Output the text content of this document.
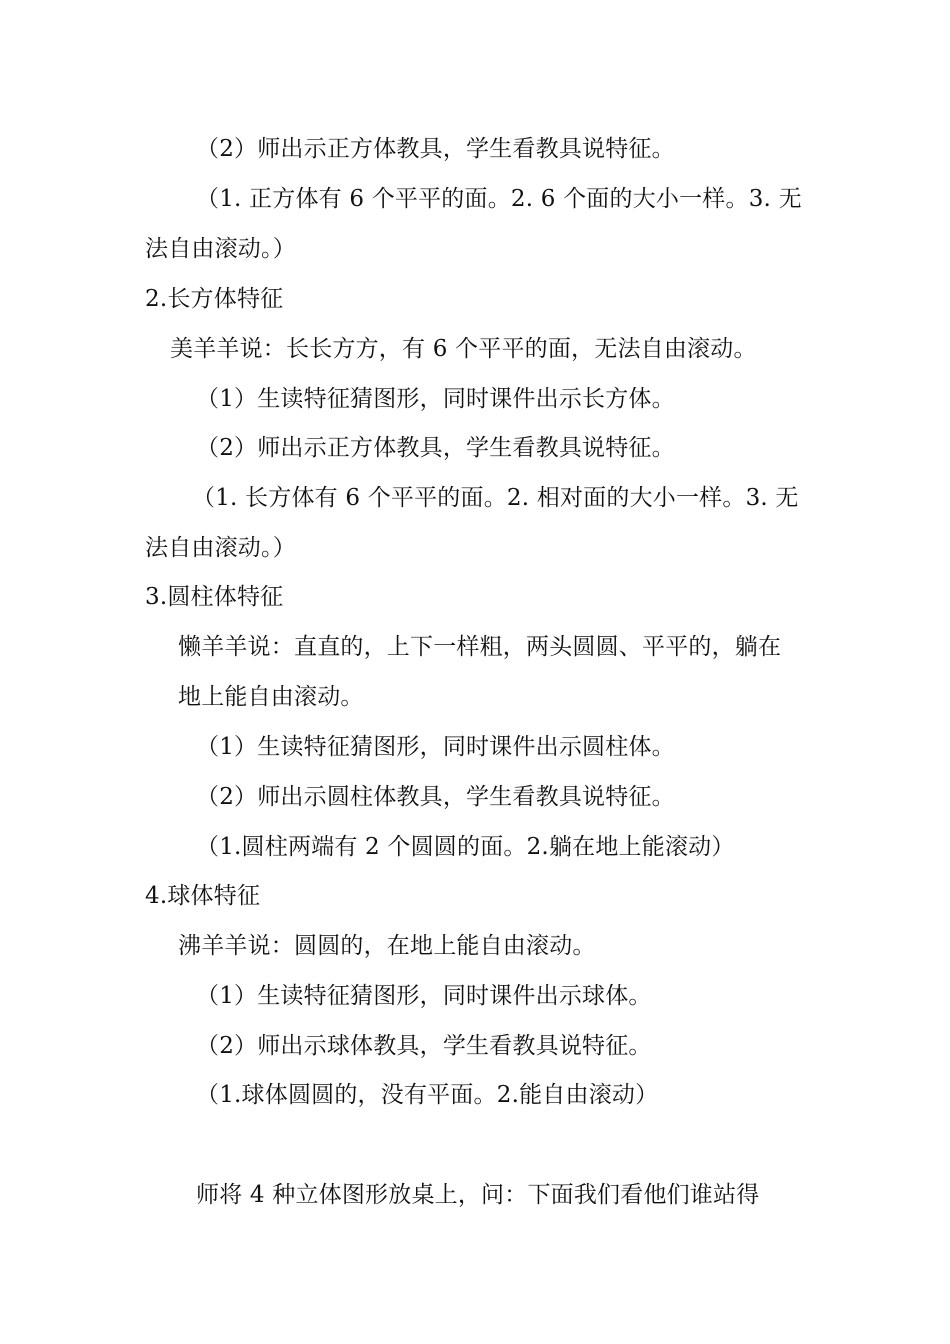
（2）师出示正方体教具，学生看教具说特征。
（1. 正方体有 6 个平平的面。2. 6 个面的大小一样。3. 无
法自由滚动。）
2.长方体特征
美羊羊说：长长方方，有 6 个平平的面，无法自由滚动。
（1）生读特征猜图形，同时课件出示长方体。
（2）师出示正方体教具，学生看教具说特征。
（1. 长方体有 6 个平平的面。2. 相对面的大小一样。3. 无
法自由滚动。）
3.圆柱体特征
懒羊羊说：直直的，上下一样粗，两头圆圆、平平的，躺在
地上能自由滚动。
（1）生读特征猜图形，同时课件出示圆柱体。
（2）师出示圆柱体教具，学生看教具说特征。
（1.圆柱两端有 2 个圆圆的面。2.躺在地上能滚动）
4.球体特征
沸羊羊说：圆圆的，在地上能自由滚动。
（1）生读特征猜图形，同时课件出示球体。
（2）师出示球体教具，学生看教具说特征。
（1.球体圆圆的，没有平面。2.能自由滚动）
师将 4 种立体图形放桌上，问：下面我们看他们谁站得
